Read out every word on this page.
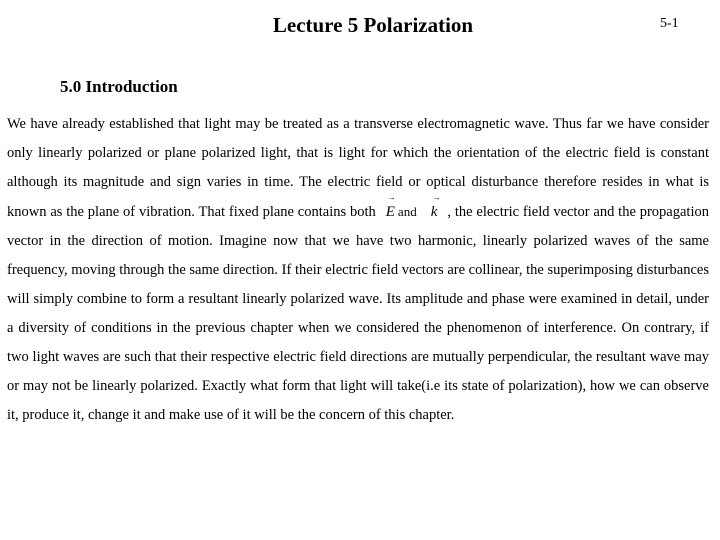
Lecture 5 Polarization	5-1
5.0 Introduction

We have already established that light may be treated as a transverse electromagnetic wave. Thus far we have consider only linearly polarized or plane polarized light, that is light for which the orientation of the electric field is constant although its magnitude and sign varies in time. The electric field or optical disturbance therefore resides in what is known as the plane of vibration. That fixed plane contains both
→
E and
→
k , the electric field vector and the propagation vector in the direction of motion. Imagine now that we have two harmonic, linearly polarized waves of the same frequency, moving through the same direction. If their electric field vectors are collinear, the superimposing disturbances will simply combine to form a resultant linearly polarized wave. Its amplitude and phase were examined in detail, under a diversity of conditions in the previous chapter when we considered the phenomenon of interference. On contrary, if two light waves are such that their respective electric field directions are mutually perpendicular, the resultant wave may or may not be linearly polarized. Exactly what form that light will take(i.e its state of polarization), how we can observe it, produce it, change it and make use of it will be the concern of this chapter.
